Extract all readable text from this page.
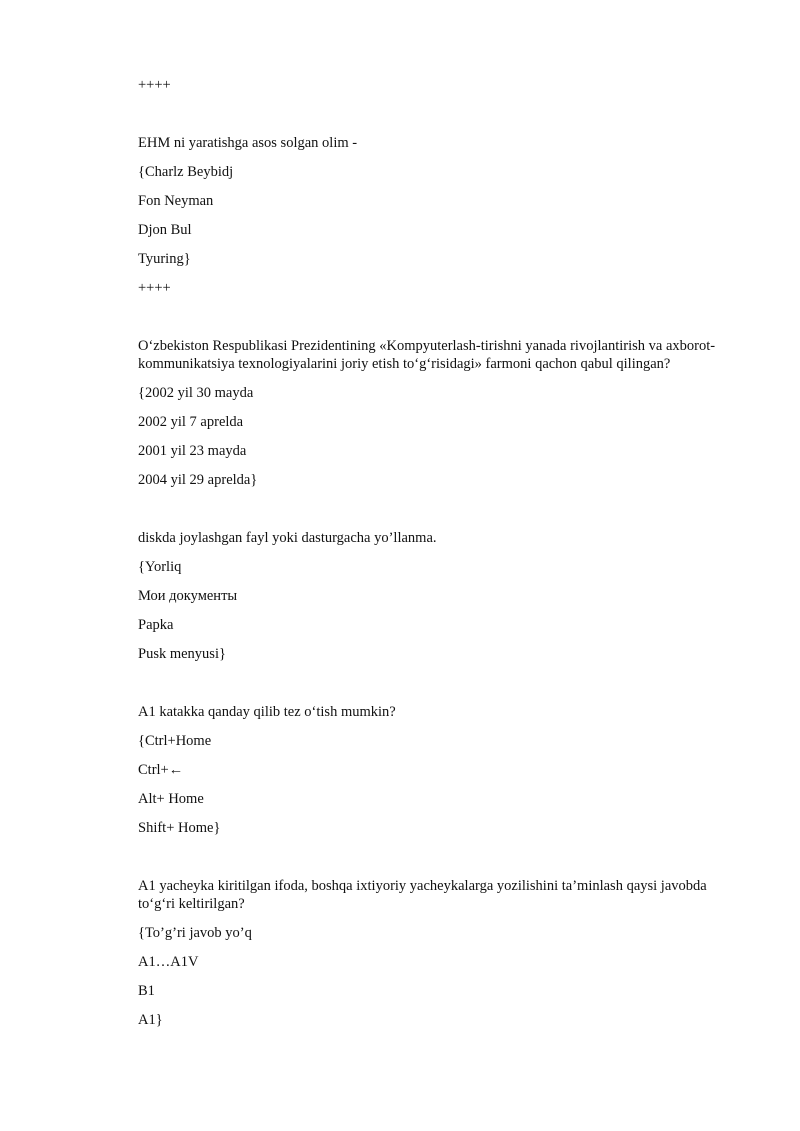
++++
EHM ni yaratishga asos solgan olim -
{Charlz Beybidj
Fon Neyman
Djon Bul
Tyuring}
++++
O‘zbekiston Respublikasi Prezidentining «Kompyuterlash-tirishni yanada rivojlantirish va axborot-kommunikatsiya texnologiyalarini joriy etish to‘g‘risidagi» farmoni qachon qabul qilingan?
{2002 yil 30 mayda
2002 yil 7 aprelda
2001 yil 23 mayda
2004 yil 29 aprelda}
diskda joylashgan fayl yoki dasturgacha yo’llanma.
{Yorliq
Мои документы
Papka
Pusk menyusi}
A1 katakka qanday qilib tez o‘tish mumkin?
{Ctrl+Home
Ctrl+←
Alt+ Home
Shift+ Home}
A1 yacheyka kiritilgan ifoda, boshqa ixtiyoriy yacheykalarga yozilishini ta’minlash qaysi javobda to‘g‘ri keltirilgan?
{To’g’ri javob yo’q
A1…A1V
B1
A1}
